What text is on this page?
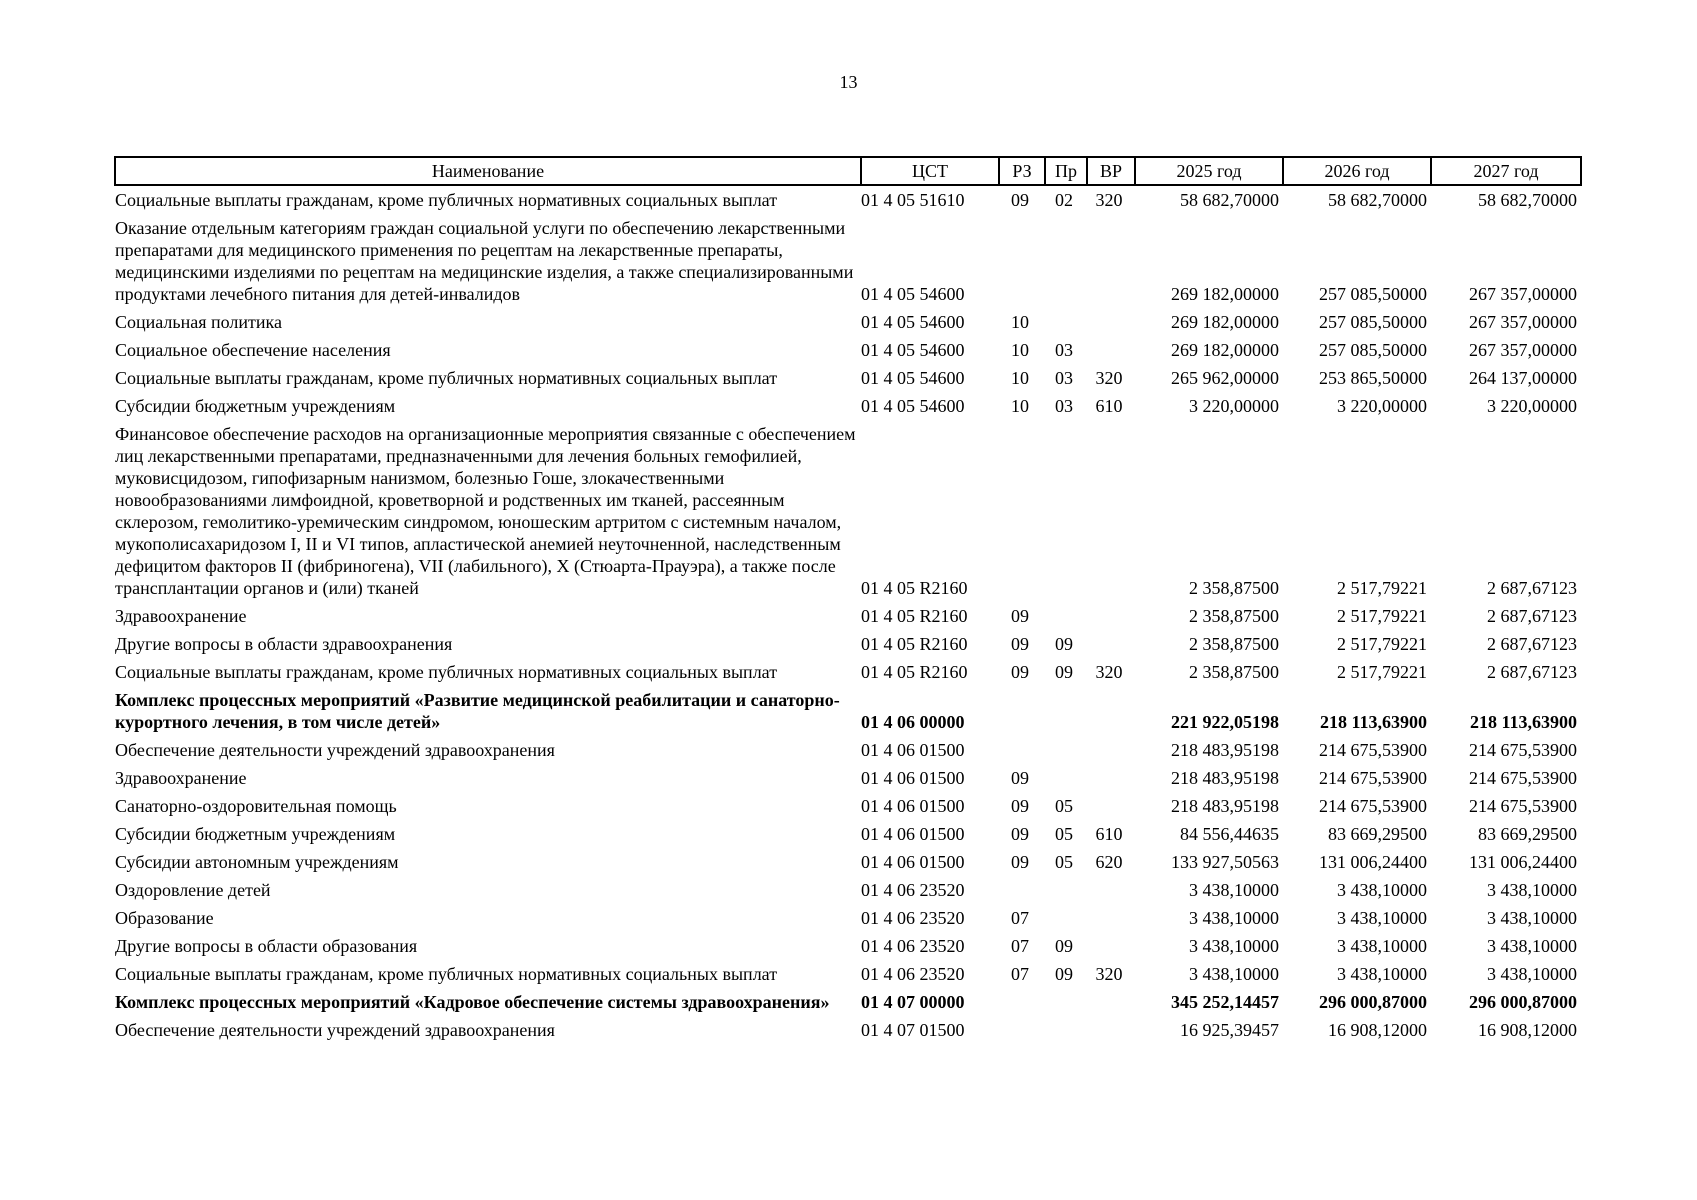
13
Наименование	ЦСТ	РЗ	Пр	ВР	2025 год	2026 год	2027 год
Социальные выплаты гражданам, кроме публичных нормативных социальных выплат	01 4 05 51610	09	02	320	58 682,70000	58 682,70000	58 682,70000
Оказание отдельным категориям граждан социальной услуги по обеспечению лекарственными препаратами для медицинского применения по рецептам на лекарственные препараты, медицинскими изделиями по рецептам на медицинские изделия, а также специализированными продуктами лечебного питания для детей-инвалидов	01 4 05 54600				269 182,00000	257 085,50000	267 357,00000
Социальная политика	01 4 05 54600	10			269 182,00000	257 085,50000	267 357,00000
Социальное обеспечение населения	01 4 05 54600	10	03		269 182,00000	257 085,50000	267 357,00000
Социальные выплаты гражданам, кроме публичных нормативных социальных выплат	01 4 05 54600	10	03	320	265 962,00000	253 865,50000	264 137,00000
Субсидии бюджетным учреждениям	01 4 05 54600	10	03	610	3 220,00000	3 220,00000	3 220,00000
Финансовое обеспечение расходов на организационные мероприятия связанные с обеспечением лиц лекарственными препаратами, предназначенными для лечения больных гемофилией, муковисцидозом, гипофизарным нанизмом, болезнью Гоше, злокачественными новообразованиями лимфоидной, кроветворной и родственных им тканей, рассеянным склерозом, гемолитико-уремическим синдромом, юношеским артритом с системным началом, мукополисахаридозом I, II и VI типов, апластической анемией неуточненной, наследственным дефицитом факторов II (фибриногена), VII (лабильного), X (Стюарта-Прауэра), а также после трансплантации органов и (или) тканей	01 4 05 R2160				2 358,87500	2 517,79221	2 687,67123
Здравоохранение	01 4 05 R2160	09			2 358,87500	2 517,79221	2 687,67123
Другие вопросы в области здравоохранения	01 4 05 R2160	09	09		2 358,87500	2 517,79221	2 687,67123
Социальные выплаты гражданам, кроме публичных нормативных социальных выплат	01 4 05 R2160	09	09	320	2 358,87500	2 517,79221	2 687,67123
Комплекс процессных мероприятий «Развитие медицинской реабилитации и санаторно-курортного лечения, в том числе детей»	01 4 06 00000				221 922,05198	218 113,63900	218 113,63900
Обеспечение деятельности учреждений здравоохранения	01 4 06 01500				218 483,95198	214 675,53900	214 675,53900
Здравоохранение	01 4 06 01500	09			218 483,95198	214 675,53900	214 675,53900
Санаторно-оздоровительная помощь	01 4 06 01500	09	05		218 483,95198	214 675,53900	214 675,53900
Субсидии бюджетным учреждениям	01 4 06 01500	09	05	610	84 556,44635	83 669,29500	83 669,29500
Субсидии автономным учреждениям	01 4 06 01500	09	05	620	133 927,50563	131 006,24400	131 006,24400
Оздоровление детей	01 4 06 23520				3 438,10000	3 438,10000	3 438,10000
Образование	01 4 06 23520	07			3 438,10000	3 438,10000	3 438,10000
Другие вопросы в области образования	01 4 06 23520	07	09		3 438,10000	3 438,10000	3 438,10000
Социальные выплаты гражданам, кроме публичных нормативных социальных выплат	01 4 06 23520	07	09	320	3 438,10000	3 438,10000	3 438,10000
Комплекс процессных мероприятий «Кадровое обеспечение системы здравоохранения»	01 4 07 00000				345 252,14457	296 000,87000	296 000,87000
Обеспечение деятельности учреждений здравоохранения	01 4 07 01500				16 925,39457	16 908,12000	16 908,12000
